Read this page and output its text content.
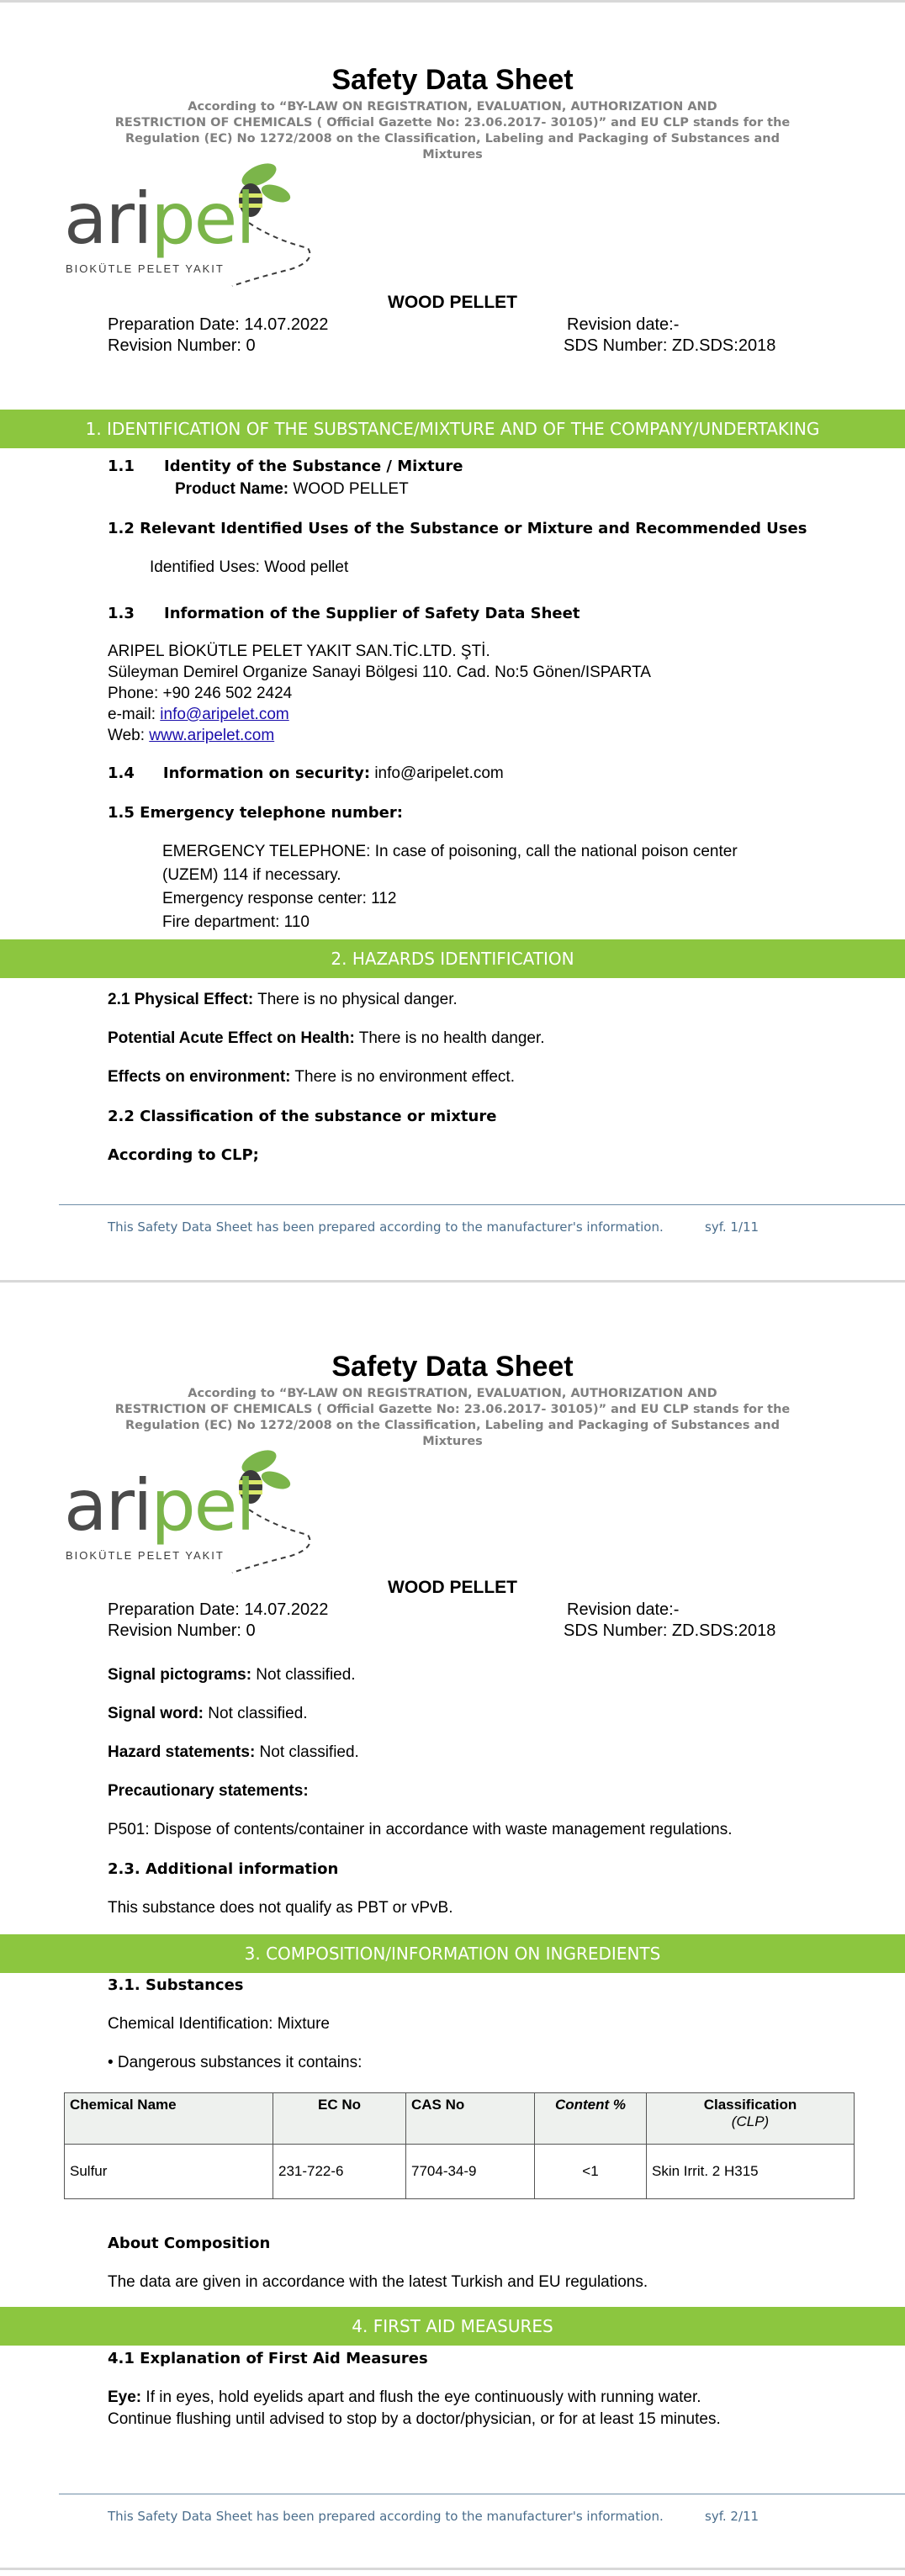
Safety Data Sheet
According to “BY-LAW ON REGISTRATION, EVALUATION, AUTHORIZATION AND
RESTRICTION OF CHEMICALS ( Official Gazette No: 23.06.2017- 30105)” and EU CLP stands for the
Regulation (EC) No 1272/2008 on the Classification, Labeling and Packaging of Substances and
Mixtures
aripel
BIOKÜTLE PELET YAKIT
WOOD PELLET
Preparation Date: 14.07.2022	Revision date:-
Revision Number: 0	SDS Number: ZD.SDS:2018
1. IDENTIFICATION OF THE SUBSTANCE/MIXTURE AND OF THE COMPANY/UNDERTAKING
1.1 Identity of the Substance / Mixture
Product Name: WOOD PELLET
1.2 Relevant Identified Uses of the Substance or Mixture and Recommended Uses
Identified Uses: Wood pellet
1.3 Information of the Supplier of Safety Data Sheet
ARIPEL BİOKÜTLE PELET YAKIT SAN.TİC.LTD. ŞTİ.
Süleyman Demirel Organize Sanayi Bölgesi 110. Cad. No:5 Gönen/ISPARTA
Phone: +90 246 502 2424
e-mail: info@aripelet.com
Web: www.aripelet.com
1.4 Information on security: info@aripelet.com
1.5 Emergency telephone number:
EMERGENCY TELEPHONE: In case of poisoning, call the national poison center
(UZEM) 114 if necessary.
Emergency response center: 112
Fire department: 110
2. HAZARDS IDENTIFICATION
2.1 Physical Effect: There is no physical danger.
Potential Acute Effect on Health: There is no health danger.
Effects on environment: There is no environment effect.
2.2 Classification of the substance or mixture
According to CLP;
This Safety Data Sheet has been prepared according to the manufacturer's information.	syf. 1/11
Safety Data Sheet
According to “BY-LAW ON REGISTRATION, EVALUATION, AUTHORIZATION AND
RESTRICTION OF CHEMICALS ( Official Gazette No: 23.06.2017- 30105)” and EU CLP stands for the
Regulation (EC) No 1272/2008 on the Classification, Labeling and Packaging of Substances and
Mixtures
aripel
BIOKÜTLE PELET YAKIT
WOOD PELLET
Preparation Date: 14.07.2022	Revision date:-
Revision Number: 0	SDS Number: ZD.SDS:2018
Signal pictograms: Not classified.
Signal word: Not classified.
Hazard statements: Not classified.
Precautionary statements:
P501: Dispose of contents/container in accordance with waste management regulations.
2.3. Additional information
This substance does not qualify as PBT or vPvB.
3. COMPOSITION/INFORMATION ON INGREDIENTS
3.1. Substances
Chemical Identification: Mixture
• Dangerous substances it contains:
Chemical Name	EC No	CAS No	Content %	Classification
(CLP)

Sulfur	231-722-6	7704-34-9	<1	Skin Irrit. 2 H315
About Composition
The data are given in accordance with the latest Turkish and EU regulations.
4. FIRST AID MEASURES
4.1 Explanation of First Aid Measures
Eye: If in eyes, hold eyelids apart and flush the eye continuously with running water.
Continue flushing until advised to stop by a doctor/physician, or for at least 15 minutes.
This Safety Data Sheet has been prepared according to the manufacturer's information.	syf. 2/11
